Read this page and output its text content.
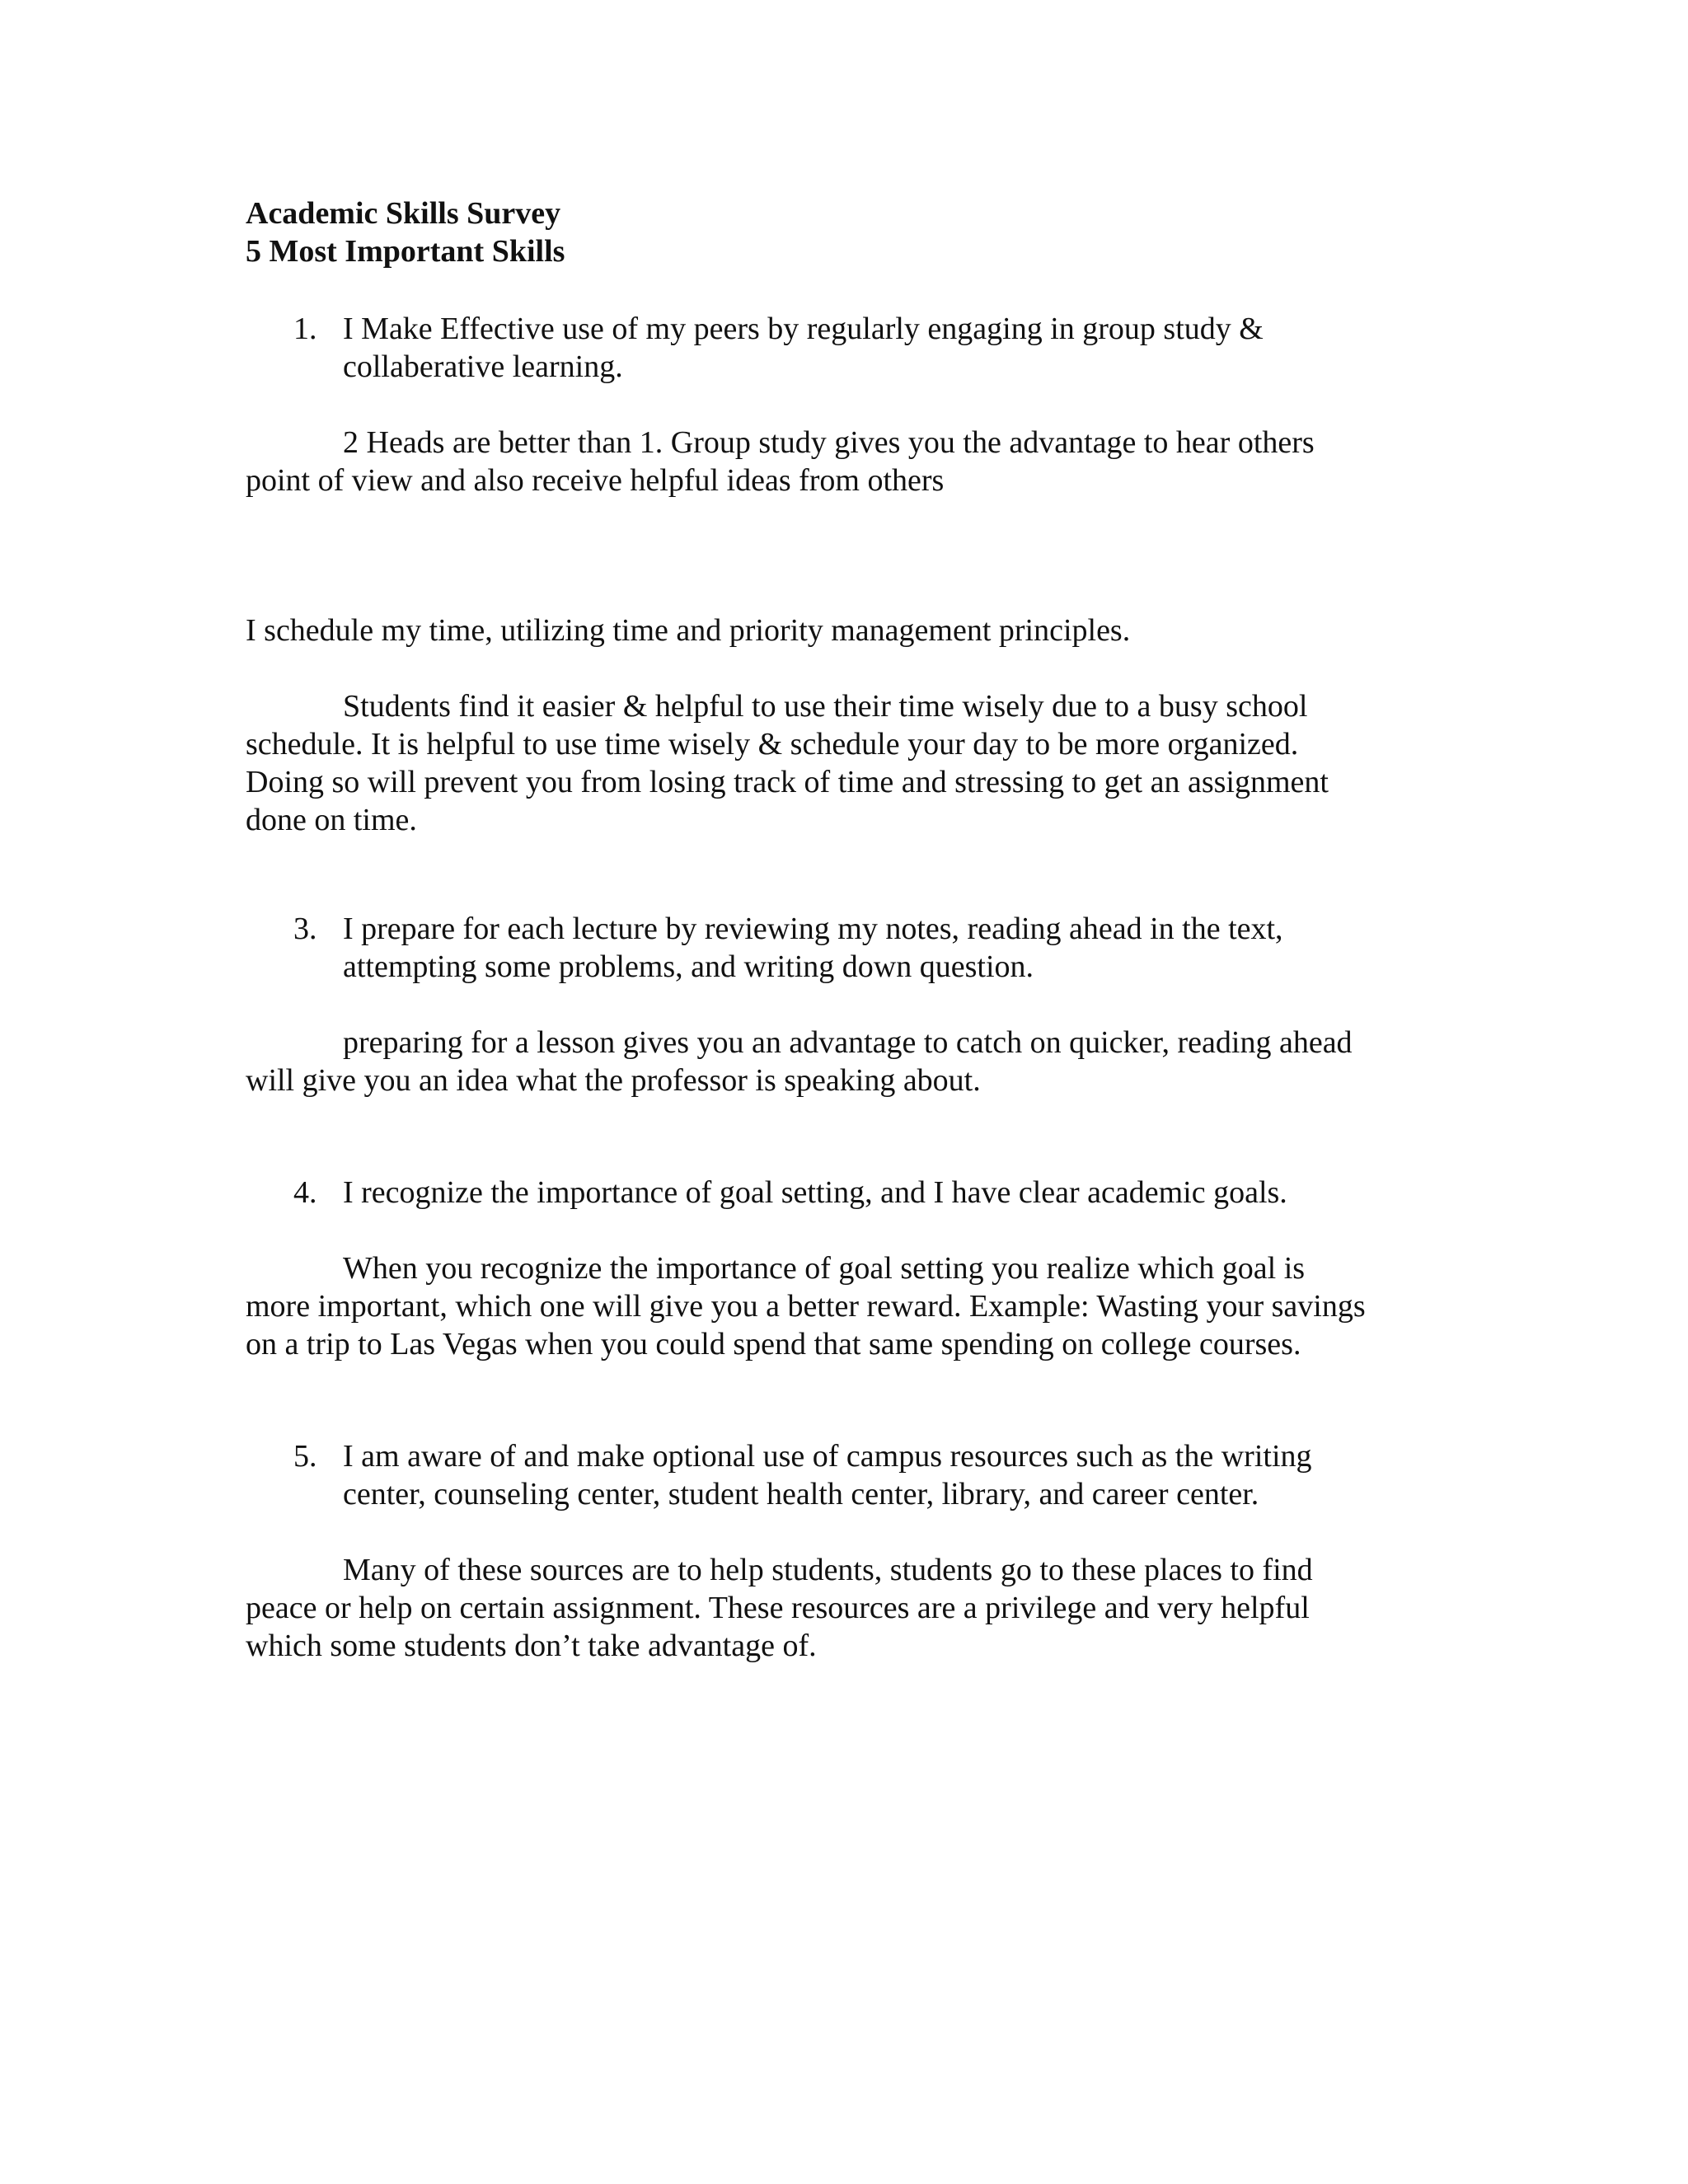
Academic Skills Survey
5 Most Important Skills
1. I Make Effective use of my peers by regularly engaging in group study &
collaberative learning.
2 Heads are better than 1. Group study gives you the advantage to hear others
point of view and also receive helpful ideas from others
I schedule my time, utilizing time and priority management principles.
Students find it easier & helpful to use their time wisely due to a busy school
schedule. It is helpful to use time wisely & schedule your day to be more organized.
Doing so will prevent you from losing track of time and stressing to get an assignment
done on time.
3. I prepare for each lecture by reviewing my notes, reading ahead in the text,
attempting some problems, and writing down question.
preparing for a lesson gives you an advantage to catch on quicker, reading ahead
will give you an idea what the professor is speaking about.
4. I recognize the importance of goal setting, and I have clear academic goals.
When you recognize the importance of goal setting you realize which goal is
more important, which one will give you a better reward. Example: Wasting your savings
on a trip to Las Vegas when you could spend that same spending on college courses.
5. I am aware of and make optional use of campus resources such as the writing
center, counseling center, student health center, library, and career center.
Many of these sources are to help students, students go to these places to find
peace or help on certain assignment. These resources are a privilege and very helpful
which some students don’t take advantage of.
